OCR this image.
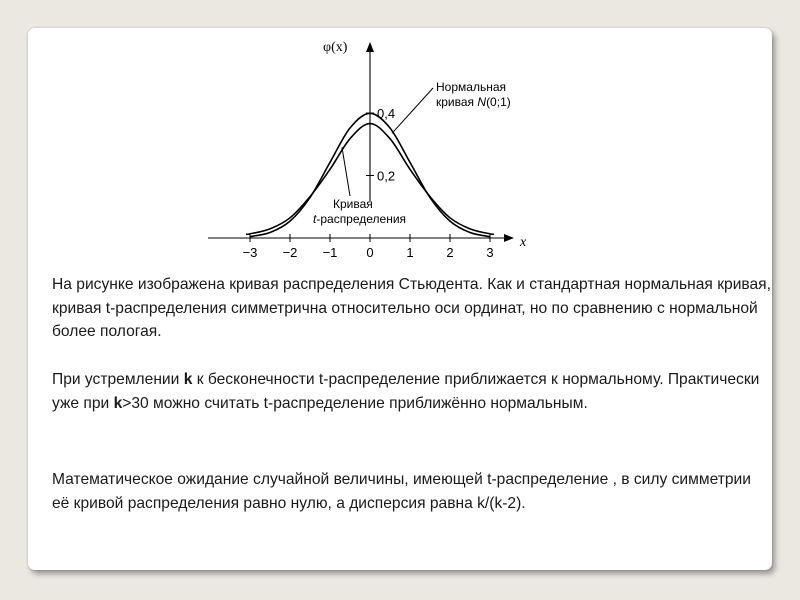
−3 −2 −1 0	1	2	3
0,4
0,2
φ(x)
x
Нормальная
кривая N(0;1)
Кривая
t-распределения

На рисунке изображена кривая распределения Стьюдента. Как и стандартная нормальная кривая, кривая t-распределения симметрична относительно оси ординат, но по сравнению с нормальной более пологая.

При устремлении k к бесконечности t-распределение приближается к нормальному. Практически уже при k>30 можно считать t-распределение приближённо нормальным.

Математическое ожидание случайной величины, имеющей t-распределение , в силу симметрии её кривой распределения равно нулю, а дисперсия равна k/(k-2).
